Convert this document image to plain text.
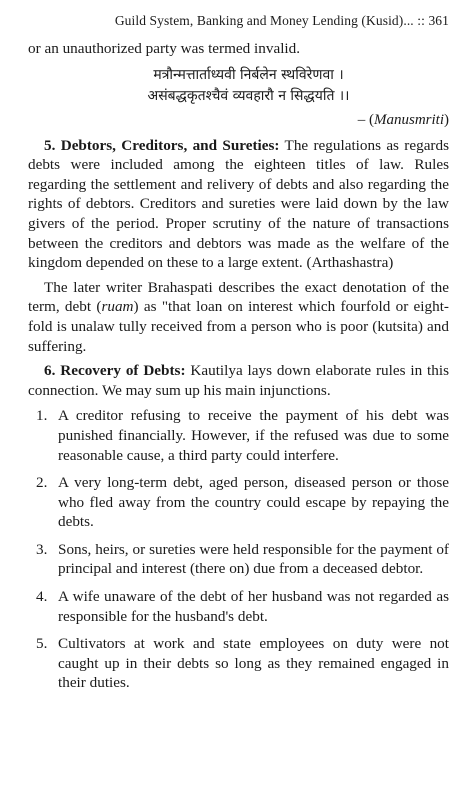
Guild System, Banking and Money Lending (Kusid)... :: 361

or an unauthorized party was termed invalid.

मत्रौन्मत्तार्ताध्यवी निर्बलेन स्थविरेणवा ।
असंबद्धकृतश्चैवं व्यवहारौ न सिद्धयति ।।
– (Manusmriti)

5. Debtors, Creditors, and Sureties: The regulations as regards debts were included among the eighteen titles of law. Rules regarding the settlement and relivery of debts and also regarding the rights of debtors. Creditors and sureties were laid down by the law givers of the period. Proper scrutiny of the nature of transactions between the creditors and debtors was made as the welfare of the kingdom depended on these to a large extent. (Arthashastra)

The later writer Brahaspati describes the exact denotation of the term, debt (ruam) as "that loan on interest which fourfold or eight-fold is unalaw tully received from a person who is poor (kutsita) and suffering.

6. Recovery of Debts: Kautilya lays down elaborate rules in this connection. We may sum up his main injunctions.

1. A creditor refusing to receive the payment of his debt was punished financially. However, if the refused was due to some reasonable cause, a third party could interfere.
2. A very long-term debt, aged person, diseased person or those who fled away from the country could escape by repaying the debts.
3. Sons, heirs, or sureties were held responsible for the payment of principal and interest (there on) due from a deceased debtor.
4. A wife unaware of the debt of her husband was not regarded as responsible for the husband's debt.
5. Cultivators at work and state employees on duty were not caught up in their debts so long as they remained engaged in their duties.
